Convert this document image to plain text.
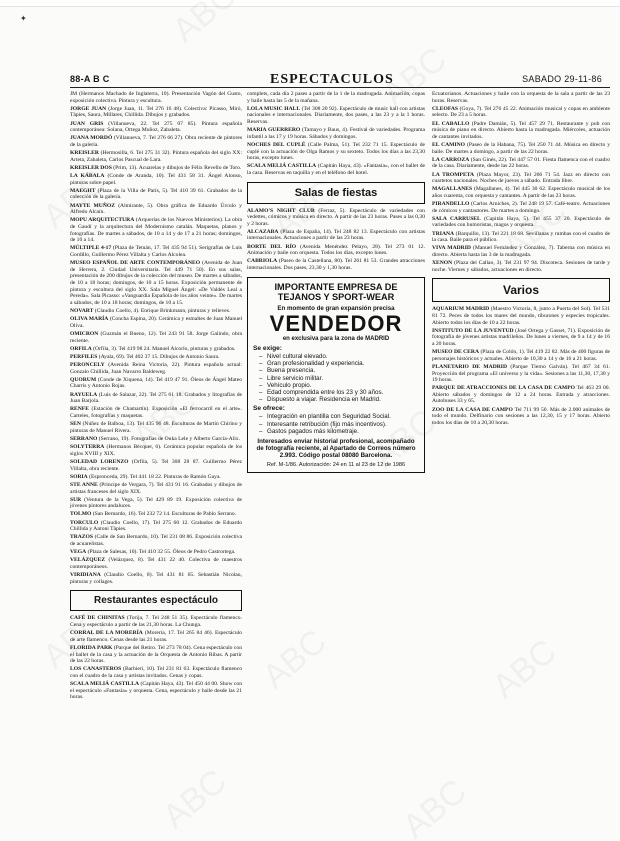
✦
88-A B C	ESPECTACULOS	SABADO 29-11-86

JM (Hermanos Machado de Inglaterra, 10). Presentación Vagón del Gusto, exposición colectiva. Pintura y escultura.

JORGE JUAN (Jorge Juan, 11. Tel 276 16 48). Colectiva: Picasso, Miró, Tàpies, Saura, Millares, Chillida. Dibujos y grabados.

JUAN GRIS (Villanueva, 22. Tel 275 07 85). Pintura española contemporánea: Solana, Ortega Muñoz, Zabaleta.

JUANA MORDÓ (Villanueva, 7. Tel 276 66 27). Obra reciente de pintores de la galería.

KREISLER (Hermosilla, 6. Tel 275 31 32). Pintura española del siglo XX: Arteta, Zabaleta, Carlos Pascual de Lara.

KREISLER DOS (Prim, 13). Acuarelas y dibujos de Félix Revello de Toro.

LA KÁBALA (Conde de Aranda, 10). Tel 431 58 31. Ángel Alonso, pinturas sobre papel.

MAEGHT (Plaza de la Villa de París, 5). Tel 410 39 61. Grabados de la colección de la galería.

MAYTE MUÑOZ (Almirante, 5). Obra gráfica de Eduardo Úrculo y Alfredo Alcaín.

MOPU ARQUITECTURA (Arquerías de los Nuevos Ministerios). La obra de Gaudí y la arquitectura del Modernismo catalán. Maquetas, planos y fotografías. De martes a sábados, de 10 a 14 y de 17 a 21 horas; domingos, de 10 a 14.

MÚLTIPLE 4-17 (Plaza de Tetuán, 17. Tel 435 94 51). Serigrafías de Luis Gordillo, Guillermo Pérez Villalta y Carlos Alcolea.

MUSEO ESPAÑOL DE ARTE CONTEMPORÁNEO (Avenida de Juan de Herrera, 2. Ciudad Universitaria. Tel 449 71 50). En sus salas, presentación de 200 dibujos de la colección del museo. De martes a sábados, de 10 a 18 horas; domingos, de 10 a 15 horas. Exposición permanente de pintura y escultura del siglo XX. Sala Miguel Ángel: «De Valdés Leal a Pereda». Sala Picasso: «Vanguardia Española de los años veinte». De martes a sábados, de 10 a 18 horas; domingos, de 10 a 15.

NOVART (Claudio Coello, 4). Enrique Brinkmann, pinturas y relieves.

OLIVA MARÍA (Concha Espina, 20). Cerámica y esmaltes de Juan Manuel Oliva.

OMICRON (Guzmán el Bueno, 12). Tel 243 91 58. Jorge Galindo, obra reciente.

ORFILA (Orfila, 3). Tel 419 98 24. Manuel Alcorlo, pinturas y grabados.

PERFILES (Ayala, 69). Tel 402 37 15. Dibujos de Antonio Saura.

PERONCELY (Avenida Reina Victoria, 22). Pintura española actual: Gonzalo Chillida, Juan Navarro Baldeweg.

QUORUM (Conde de Xiquena, 14). Tel 419 47 91. Óleos de Ángel Mateo Charris y Antonio Rojas.

RAYUELA (Luis de Salazar, 22). Tel 275 61 18. Grabados y litografías de Juan Barjola.

RENFE (Estación de Chamartín). Exposición «El ferrocarril en el arte». Carteles, fotografías y maquetas.

SEN (Núñez de Balboa, 13). Tel 435 96 48. Esculturas de Martín Chirino y pinturas de Manuel Rivera.

SERRANO (Serrano, 19). Fotografías de Ouka Lele y Alberto García-Alix.

SOLYTERRA (Hermanos Bécquer, 6). Cerámica popular española de los siglos XVIII y XIX.

SOLEDAD LORENZO (Orfila, 5). Tel 308 28 87. Guillermo Pérez Villalta, obra reciente.

SORIA (Espronceda, 29). Tel 441 18 22. Pinturas de Ramón Gaya.

STE ANNE (Príncipe de Vergara, 7). Tel 431 91 16. Grabados y dibujos de artistas franceses del siglo XIX.

SUR (Ventura de la Vega, 5). Tel 429 89 19. Exposición colectiva de jóvenes pintores andaluces.

TOLMO (San Bernardo, 16). Tel 232 72 14. Esculturas de Pablo Serrano.

TORCULO (Claudio Coello, 17). Tel 275 60 12. Grabados de Eduardo Chillida y Antoni Tàpies.

TRAZOS (Calle de San Bernardo, 10). Tel 231 08 86. Exposición colectiva de acuarelistas.

VEGA (Plaza de Salesas, 10). Tel 410 32 55. Óleos de Pedro Castrortega.

VELÁZQUEZ (Velázquez, 8). Tel 431 22 40. Colectiva de maestros contemporáneos.

VIRIDIANA (Claudio Coello, 8). Tel 431 81 65. Sebastián Nicolau, pinturas y collages.

Restaurantes espectáculo

CAFÉ DE CHINITAS (Torija, 7. Tel 248 51 35). Espectáculo flamenco. Cena y espectáculo a partir de las 21,30 horas. La Chunga.

CORRAL DE LA MORERÍA (Morería, 17. Tel 265 84 46). Espectáculo de arte flamenco. Cenas desde las 21 horas.

FLORIDA PARK (Parque del Retiro. Tel 273 78 04). Cena espectáculo con el ballet de la casa y la actuación de la Orquesta de Antonio Ribas. A partir de las 22 horas.

LOS CANASTEROS (Barbieri, 10). Tel 231 81 63. Espectáculo flamenco con el cuadro de la casa y artistas invitados. Cenas y copas.

SCALA MELIÁ CASTILLA (Capitán Haya, 43). Tel 450 44 00. Show con el espectáculo «Fantasía» y orquesta. Cena, espectáculo y baile desde las 21 horas.

complets, cada día 2 pases a partir de la 1 de la madrugada. Animación, copas y baile hasta las 5 de la mañana.

LOLA MUSIC HALL (Tel 308 20 92). Espectáculo de music hall con artistas nacionales e internacionales. Diariamente, dos pases, a las 23 y a la 1 horas. Reservas.

MARIA GUERRERO (Tamayo y Baus, 4). Festival de variedades. Programa infantil a las 17 y 19 horas. Sábados y domingos.

NOCHES DEL CUPLÉ (Calle Palma, 51). Tel 232 71 15. Espectáculo de cuplé con la actuación de Olga Ramos y su sexteto. Todos los días a las 23,30 horas, excepto lunes.

SCALA MELIÁ CASTILLA (Capitán Haya, 43). «Fantasía», con el ballet de la casa. Reservas en taquilla y en el teléfono del hotel.

Salas de fiestas

ALAMO'S NIGHT CLUB (Ferraz, 5). Espectáculo de variedades con vedettes, cómicos y música en directo. A partir de las 23 horas. Pases a las 0,30 y 2 horas.

ALCAZABA (Plaza de España, 14). Tel 248 82 13. Espectáculo con artistas internacionales. Actuaciones a partir de las 23 horas.

BORTE DEL RÍO (Avenida Menéndez Pelayo, 28). Tel 273 01 12. Animación y baile con orquesta. Todos los días, excepto lunes.

CABRIOLA (Paseo de la Castellana, 80). Tel 261 81 53. Grandes atracciones internacionales. Dos pases, 23,30 y 1,30 horas.

IMPORTANTE EMPRESA DE TEJANOS Y SPORT-WEAR
En momento de gran expansión precisa
VENDEDOR
en exclusiva para la zona de MADRID
Se exige:
– Nivel cultural elevado.
– Gran profesionalidad y experiencia.
– Buena presencia.
– Libre servicio militar.
– Vehículo propio.
– Edad comprendida entre los 23 y 30 años.
– Dispuesto a viajar. Residencia en Madrid.
Se ofrece:
– Integración en plantilla con Seguridad Social.
– Interesante retribución (fijo más incentivos).
– Gastos pagados más kilometraje.
Interesados enviar historial profesional, acompañado de fotografía reciente, al Apartado de Correos número 2.993. Código postal 08080 Barcelona.
Ref. M-1/86. Autorización: 24 en 11 al 23 de 12 de 1986

Ecuatorianos. Actuaciones y baile con la orquesta de la sala a partir de las 23 horas. Reservas.

CLEOFAS (Goya, 7). Tel 276 45 22. Animación musical y copas en ambiente selecto. De 23 a 5 horas.

EL CABALLO (Padre Damián, 5). Tel 457 29 71. Restaurante y pub con música de piano en directo. Abierto hasta la madrugada. Miércoles, actuación de cantantes invitados.

EL CAMINO (Paseo de la Habana, 75). Tel 250 71 44. Música en directo y baile. De martes a domingo, a partir de las 22 horas.

LA CARROZA (San Ginés, 22). Tel 447 57 01. Fiesta flamenca con el cuadro de la casa. Diariamente, desde las 22 horas.

LA TROMPETA (Plaza Mayor, 23). Tel 266 71 54. Jazz en directo con cuartetos nacionales. Noches de jueves a sábado. Entrada libre.

MAGALLANES (Magallanes, 4). Tel 445 30 62. Espectáculo musical de los años cuarenta, con orquesta y cantantes. A partir de las 23 horas.

PIRANDELLO (Carlos Arniches, 2). Tel 248 19 57. Café-teatro. Actuaciones de cómicos y cantautores. De martes a domingo.

SALA CARRUSEL (Capitán Haya, 5). Tel 455 37 20. Espectáculo de variedades con humoristas, magos y orquesta.

TRIANA (Barquillo, 13). Tel 221 18 68. Sevillanas y rumbas con el cuadro de la casa. Baile para el público.

VIVA MADRID (Manuel Fernández y González, 7). Taberna con música en directo. Abierta hasta las 3 de la madrugada.

XENON (Plaza del Callao, 3). Tel 231 97 94. Discoteca. Sesiones de tarde y noche. Viernes y sábados, actuaciones en directo.

Varios

AQUARIUM MADRID (Maestro Victoria, 8, junto a Puerta del Sol). Tel 531 81 72. Peces de todos los mares del mundo, tiburones y especies tropicales. Abierto todos los días de 10 a 22 horas.

INSTITUTO DE LA JUVENTUD (José Ortega y Gasset, 71). Exposición de fotografía de jóvenes artistas madrileños. De lunes a viernes, de 9 a 14 y de 16 a 20 horas.

MUSEO DE CERA (Plaza de Colón, 1). Tel 419 22 82. Más de 400 figuras de personajes históricos y actuales. Abierto de 10,30 a 14 y de 16 a 21 horas.

PLANETARIO DE MADRID (Parque Tierno Galván). Tel 467 34 61. Proyección del programa «El universo y la vida». Sesiones a las 11,30, 17,30 y 19 horas.

PARQUE DE ATRACCIONES DE LA CASA DE CAMPO Tel 463 29 00. Abierto sábados y domingos de 12 a 24 horas. Entrada y atracciones. Autobuses 33 y 65.

ZOO DE LA CASA DE CAMPO Tel 711 99 50. Más de 2.000 animales de todo el mundo. Delfinario con sesiones a las 12,30, 15 y 17 horas. Abierto todos los días de 10 a 20,30 horas.
